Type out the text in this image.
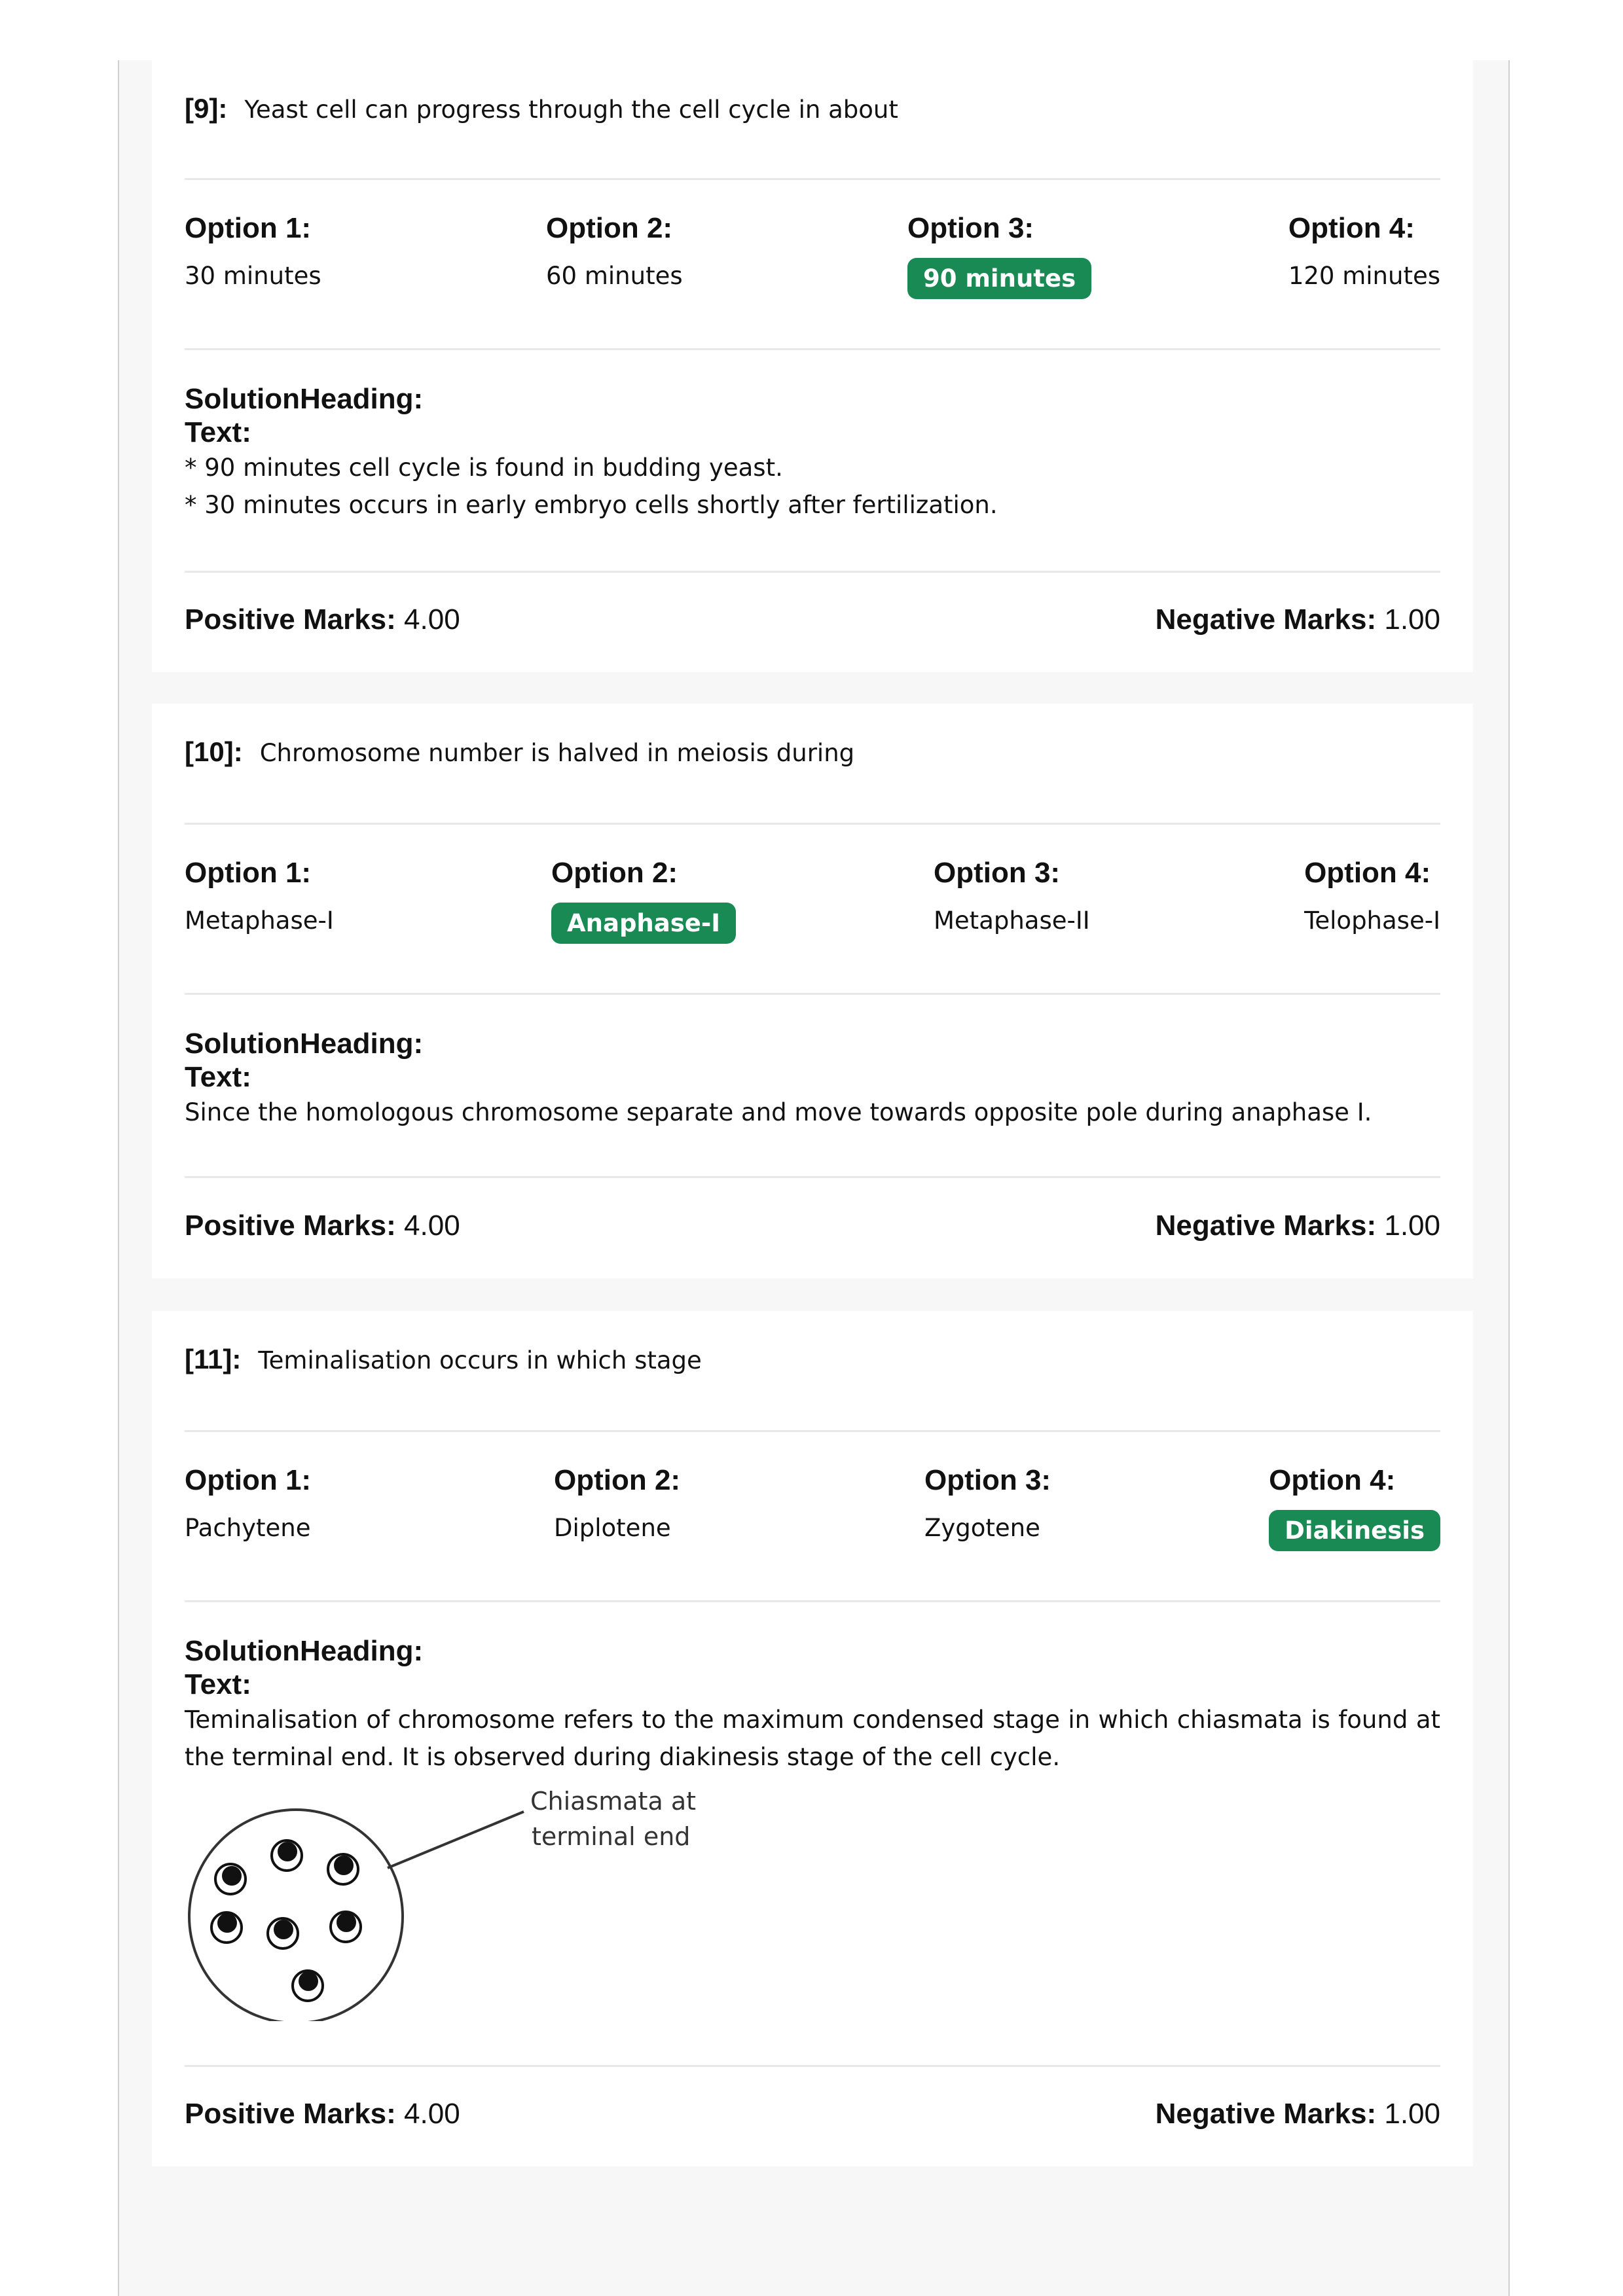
[9]: Yeast cell can progress through the cell cycle in about
Option 1:
30 minutes
Option 2:
60 minutes
Option 3:
90 minutes
Option 4:
120 minutes
SolutionHeading:
Text:
* 90 minutes cell cycle is found in budding yeast.
* 30 minutes occurs in early embryo cells shortly after fertilization.
Positive Marks: 4.00	Negative Marks: 1.00
[10]: Chromosome number is halved in meiosis during
Option 1:
Metaphase-I
Option 2:
Anaphase-I
Option 3:
Metaphase-II
Option 4:
Telophase-I
SolutionHeading:
Text:
Since the homologous chromosome separate and move towards opposite pole during anaphase I.
Positive Marks: 4.00	Negative Marks: 1.00
[11]: Teminalisation occurs in which stage
Option 1:
Pachytene
Option 2:
Diplotene
Option 3:
Zygotene
Option 4:
Diakinesis
SolutionHeading:
Text:
Teminalisation of chromosome refers to the maximum condensed stage in which chiasmata is found at the terminal end. It is observed during diakinesis stage of the cell cycle.
Chiasmata at
terminal end
Positive Marks: 4.00	Negative Marks: 1.00
